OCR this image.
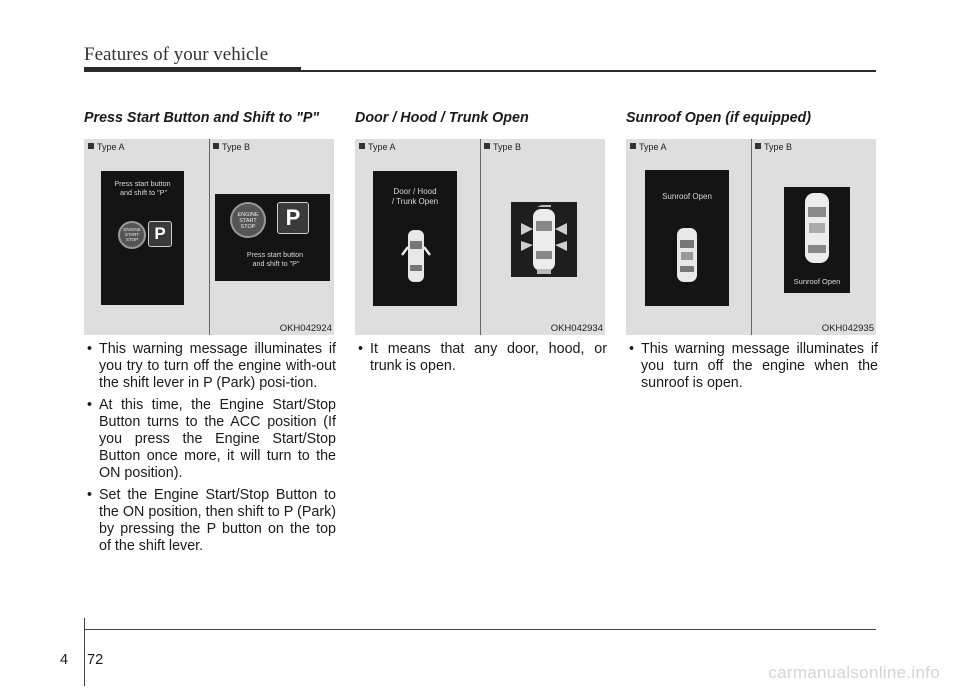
Features of your vehicle
Press Start Button and Shift to "P"	Door / Hood / Trunk Open	Sunroof Open (if equipped)
Type A	Type B
Press start button
and shift to "P"
ENGINE
START
STOP P
ENGINE
START
STOP	P
Press start button
and shift to "P"
OKH042924
Type A	Type B
Door / Hood
/ Trunk Open
OKH042934
Type A	Type B
Sunroof Open
Sunroof Open
OKH042935
• This warning message illuminates if you try to turn off the engine with-out the shift lever in P (Park) posi-tion.
• At this time, the Engine Start/Stop Button turns to the ACC position (If you press the Engine Start/Stop Button once more, it will turn to the ON position).
• Set the Engine Start/Stop Button to the ON position, then shift to P (Park) by pressing the P button on the top of the shift lever.
• It means that any door, hood, or trunk is open.
• This warning message illuminates if you turn off the engine when the sunroof is open.
4 72
carmanualsonline.info
